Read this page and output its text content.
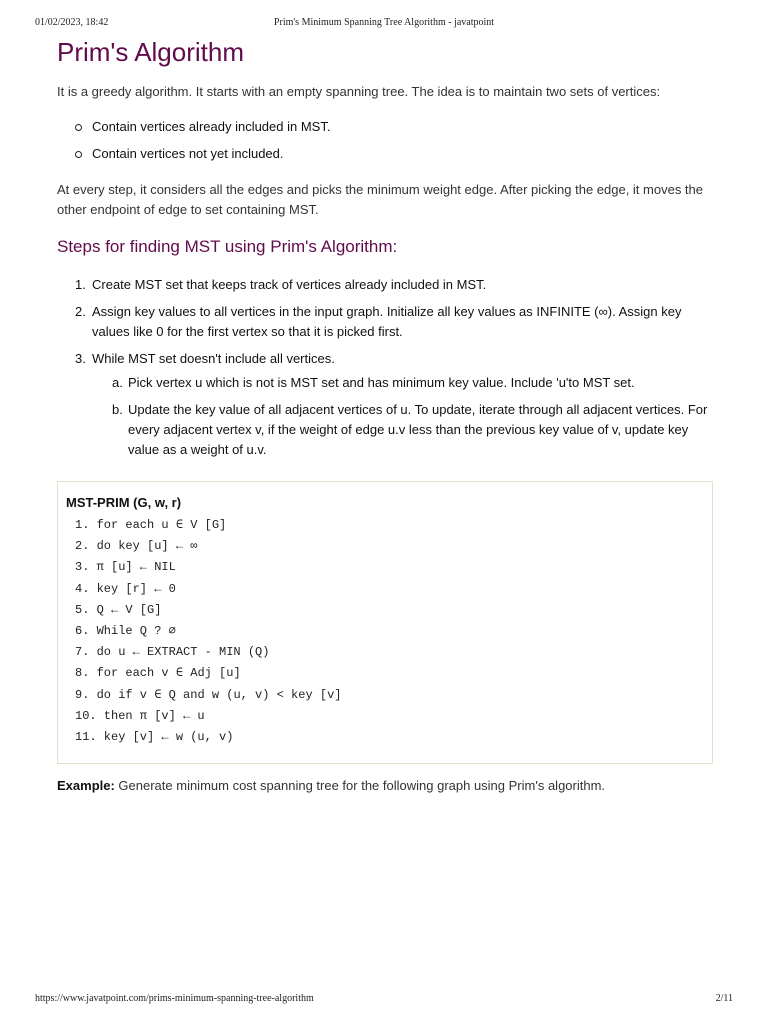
01/02/2023, 18:42	Prim's Minimum Spanning Tree Algorithm - javatpoint
Prim's Algorithm

It is a greedy algorithm. It starts with an empty spanning tree. The idea is to maintain two sets of vertices:

Contain vertices already included in MST.
Contain vertices not yet included.

At every step, it considers all the edges and picks the minimum weight edge. After picking the edge, it moves the other endpoint of edge to set containing MST.

Steps for finding MST using Prim's Algorithm:
1. Create MST set that keeps track of vertices already included in MST.
2. Assign key values to all vertices in the input graph. Initialize all key values as INFINITE (∞). Assign key values like 0 for the first vertex so that it is picked first.
3. While MST set doesn't include all vertices.
a. Pick vertex u which is not is MST set and has minimum key value. Include 'u'to MST set.
b. Update the key value of all adjacent vertices of u. To update, iterate through all adjacent vertices. For every adjacent vertex v, if the weight of edge u.v less than the previous key value of v, update key value as a weight of u.v.
MST-PRIM (G, w, r)
1. for each u ∈ V [G]
2. do key [u] ← ∞
3. π [u] ← NIL
4. key [r] ← 0
5. Q ← V [G]
6. While Q ? ∅
7. do u ← EXTRACT - MIN (Q)
8. for each v ∈ Adj [u]
9. do if v ∈ Q and w (u, v) < key [v]
10. then π [v] ← u
11. key [v] ← w (u, v)
Example: Generate minimum cost spanning tree for the following graph using Prim's algorithm.
https://www.javatpoint.com/prims-minimum-spanning-tree-algorithm	2/11
